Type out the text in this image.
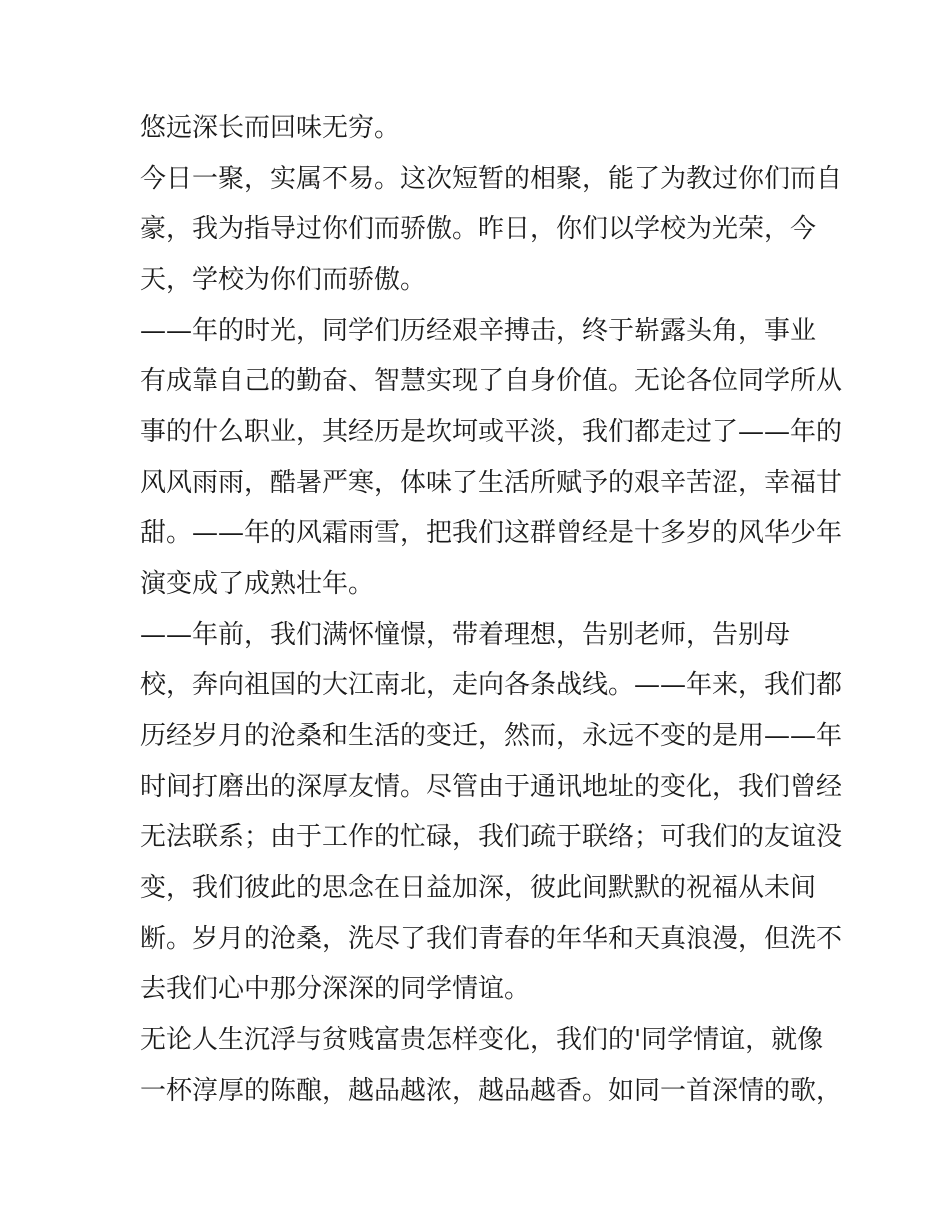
悠远深长而回味无穷。
今日一聚，实属不易。这次短暂的相聚，能了为教过你们而自
豪，我为指导过你们而骄傲。昨日，你们以学校为光荣，今
天，学校为你们而骄傲。
——年的时光，同学们历经艰辛搏击，终于崭露头角，事业
有成靠自己的勤奋、智慧实现了自身价值。无论各位同学所从
事的什么职业，其经历是坎坷或平淡，我们都走过了——年的
风风雨雨，酷暑严寒，体味了生活所赋予的艰辛苦涩，幸福甘
甜。——年的风霜雨雪，把我们这群曾经是十多岁的风华少年
演变成了成熟壮年。
——年前，我们满怀憧憬，带着理想，告别老师，告别母
校，奔向祖国的大江南北，走向各条战线。——年来，我们都
历经岁月的沧桑和生活的变迁，然而，永远不变的是用——年
时间打磨出的深厚友情。尽管由于通讯地址的变化，我们曾经
无法联系；由于工作的忙碌，我们疏于联络；可我们的友谊没
变，我们彼此的思念在日益加深，彼此间默默的祝福从未间
断。岁月的沧桑，洗尽了我们青春的年华和天真浪漫，但洗不
去我们心中那分深深的同学情谊。
无论人生沉浮与贫贱富贵怎样变化，我们的'同学情谊，就像
一杯淳厚的陈酿，越品越浓，越品越香。如同一首深情的歌，
